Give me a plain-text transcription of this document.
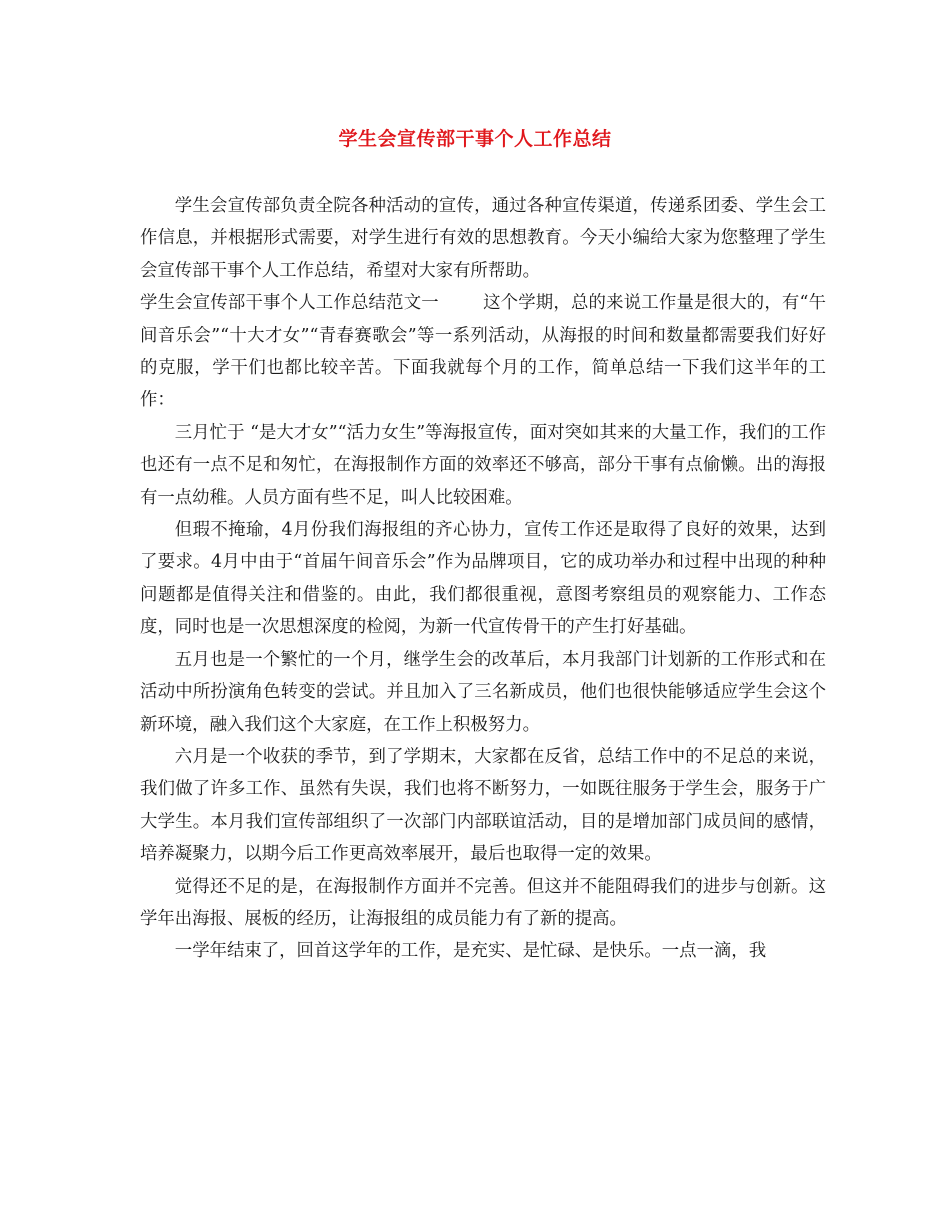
学生会宣传部干事个人工作总结

学生会宣传部负责全院各种活动的宣传，通过各种宣传渠道，传递系团委、学生会工作信息，并根据形式需要，对学生进行有效的思想教育。今天小编给大家为您整理了学生会宣传部干事个人工作总结，希望对大家有所帮助。

学生会宣传部干事个人工作总结范文一	这个学期，总的来说工作量是很大的，有“午间音乐会”“十大才女”“青春赛歌会”等一系列活动，从海报的时间和数量都需要我们好好的克服，学干们也都比较辛苦。下面我就每个月的工作，简单总结一下我们这半年的工作：

三月忙于 “是大才女”“活力女生”等海报宣传，面对突如其来的大量工作，我们的工作也还有一点不足和匆忙，在海报制作方面的效率还不够高，部分干事有点偷懒。出的海报有一点幼稚。人员方面有些不足，叫人比较困难。

但瑕不掩瑜，4月份我们海报组的齐心协力，宣传工作还是取得了良好的效果，达到了要求。4月中由于“首届午间音乐会”作为品牌项目，它的成功举办和过程中出现的种种问题都是值得关注和借鉴的。由此，我们都很重视，意图考察组员的观察能力、工作态度，同时也是一次思想深度的检阅，为新一代宣传骨干的产生打好基础。

五月也是一个繁忙的一个月，继学生会的改革后，本月我部门计划新的工作形式和在活动中所扮演角色转变的尝试。并且加入了三名新成员，他们也很快能够适应学生会这个新环境，融入我们这个大家庭，在工作上积极努力。

六月是一个收获的季节，到了学期末，大家都在反省，总结工作中的不足总的来说，我们做了许多工作、虽然有失误，我们也将不断努力，一如既往服务于学生会，服务于广大学生。本月我们宣传部组织了一次部门内部联谊活动，目的是增加部门成员间的感情，培养凝聚力，以期今后工作更高效率展开，最后也取得一定的效果。

觉得还不足的是，在海报制作方面并不完善。但这并不能阻碍我们的进步与创新。这学年出海报、展板的经历，让海报组的成员能力有了新的提高。

一学年结束了，回首这学年的工作，是充实、是忙碌、是快乐。一点一滴，我
